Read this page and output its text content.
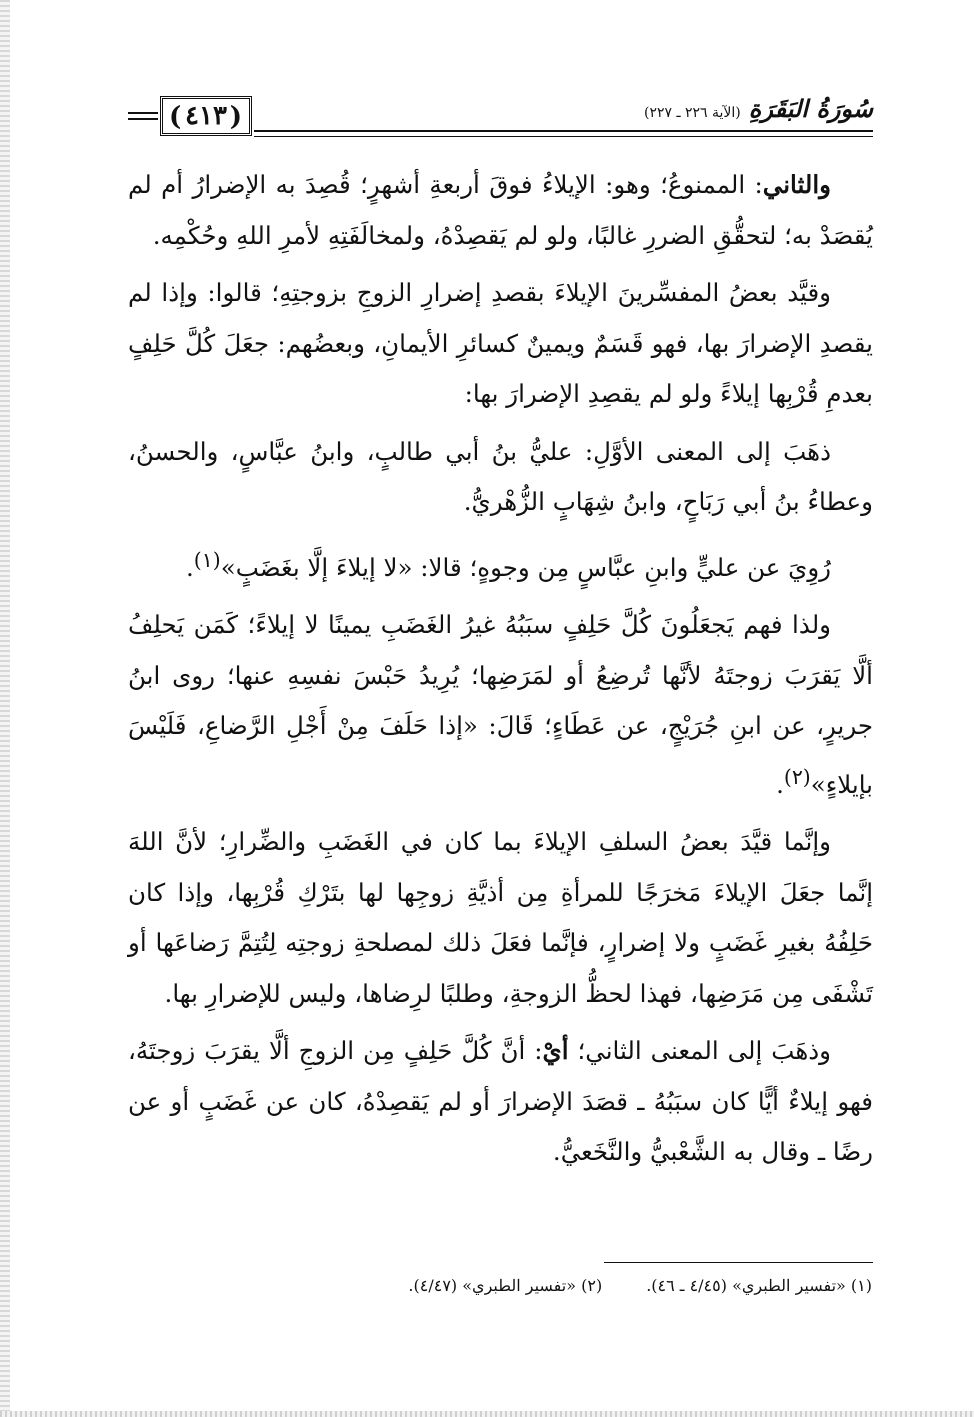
( ٤١٣ )	سُورَةُ البَقَرَةِ
(الآية ٢٢٦ ـ ٢٢٧)

والثاني: الممنوعُ؛ وهو: الإيلاءُ فوقَ أربعةِ أشهرٍ؛ قُصِدَ به الإضرارُ أم لم يُقصَدْ به؛ لتحقُّقِ الضررِ غالبًا، ولو لم يَقصِدْهُ، ولمخالَفَتِهِ لأمرِ اللهِ وحُكْمِه.

وقيَّد بعضُ المفسِّرينَ الإيلاءَ بقصدِ إضرارِ الزوجِ بزوجتِهِ؛ قالوا: وإذا لم يقصدِ الإضرارَ بها، فهو قَسَمٌ ويمينٌ كسائرِ الأيمانِ، وبعضُهم: جعَلَ كُلَّ حَلِفٍ بعدمِ قُرْبِها إيلاءً ولو لم يقصِدِ الإضرارَ بها:

ذهَبَ إلى المعنى الأوَّلِ: عليُّ بنُ أبي طالبٍ، وابنُ عبَّاسٍ، والحسنُ، وعطاءُ بنُ أبي رَبَاحٍ، وابنُ شِهَابٍ الزُّهْريُّ.

رُوِيَ عن عليٍّ وابنِ عبَّاسٍ مِن وجوهٍ؛ قالا: «لا إيلاءَ إلَّا بغَضَبٍ»$^{(١)}$.

ولذا فهم يَجعَلُونَ كُلَّ حَلِفٍ سبَبُهُ غيرُ الغَضَبِ يمينًا لا إيلاءً؛ كَمَن يَحلِفُ ألَّا يَقرَبَ زوجتَهُ لأنَّها تُرضِعُ أو لمَرَضِها؛ يُرِيدُ حَبْسَ نفسِهِ عنها؛ روى ابنُ جريرٍ، عن ابنِ جُرَيْجٍ، عن عَطَاءٍ؛ قَالَ: «إذا حَلَفَ مِنْ أَجْلِ الرَّضاعِ، فَلَيْسَ بإيلاءٍ»$^{(٢)}$.

وإنَّما قيَّدَ بعضُ السلفِ الإيلاءَ بما كان في الغَضَبِ والضِّرارِ؛ لأنَّ اللهَ إنَّما جعَلَ الإيلاءَ مَخرَجًا للمرأةِ مِن أذيَّةِ زوجِها لها بتَرْكِ قُرْبِها، وإذا كان حَلِفُهُ بغيرِ غَضَبٍ ولا إضرارٍ، فإنَّما فعَلَ ذلك لمصلحةِ زوجتِه لِتُتِمَّ رَضاعَها أو تَشْفَى مِن مَرَضِها، فهذا لحظُّ الزوجةِ، وطلبًا لرِضاها، وليس للإضرارِ بها.

وذهَبَ إلى المعنى الثاني؛ أيْ: أنَّ كُلَّ حَلِفٍ مِن الزوجِ ألَّا يقرَبَ زوجتَهُ، فهو إيلاءٌ أيًّا كان سبَبُهُ ـ قصَدَ الإضرارَ أو لم يَقصِدْهُ، كان عن غَضَبٍ أو عن رضًا ـ وقال به الشَّعْبيُّ والنَّخَعيُّ.

(١) «تفسير الطبري» (٤/٤٥ ـ ٤٦).
(٢) «تفسير الطبري» (٤/٤٧).
